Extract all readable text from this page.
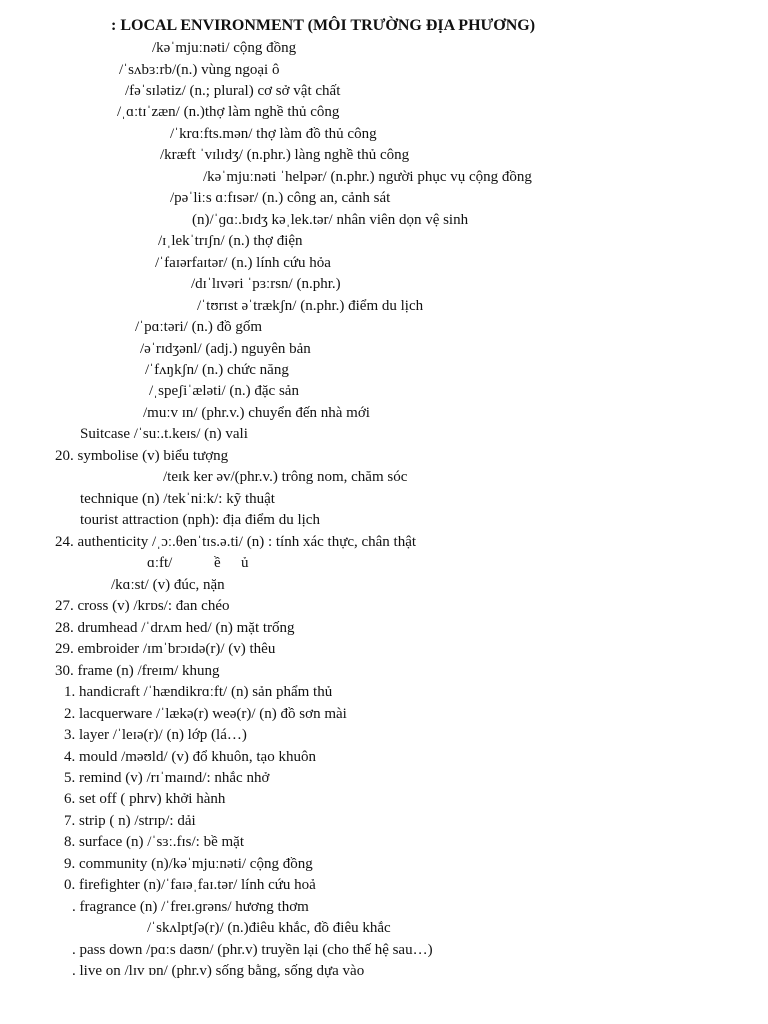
: LOCAL ENVIRONMENT (MÔI TRƯỜNG ĐỊA PHƯƠNG)
/kəˈmjuːnəti/ cộng đồng
/ˈsʌbɜːrb/(n.) vùng ngoại ô
/fəˈsɪlətiz/ (n.; plural) cơ sở vật chất
/ˌɑːtɪˈzæn/ (n.)thợ làm nghề thủ công
/ˈkrɑːfts.mən/ thợ làm đồ thủ công
/kræft ˈvɪlɪdʒ/ (n.phr.) làng nghề thủ công
/kəˈmjuːnəti ˈhelpər/ (n.phr.) người phục vụ cộng đồng
/pəˈliːs ɑːfɪsər/ (n.) công an, cảnh sát
(n)/ˈɡɑː.bɪdʒ kəˌlek.tər/ nhân viên dọn vệ sinh
/ɪˌlekˈtrɪʃn/ (n.) thợ điện
/ˈfaɪərfaɪtər/ (n.) lính cứu hỏa
/dɪˈlɪvəri ˈpɜːrsn/ (n.phr.)
/ˈtʊrɪst əˈtrækʃn/ (n.phr.) điểm du lịch
/ˈpɑːtəri/ (n.) đồ gốm
/əˈrɪdʒənl/ (adj.) nguyên bản
/ˈfʌŋkʃn/ (n.) chức năng
/ˌspeʃiˈæləti/ (n.) đặc sản
/muːv ɪn/ (phr.v.) chuyển đến nhà mới
Suitcase /ˈsuː.t.keɪs/ (n) vali
20. symbolise (v) biểu tượng
/teɪk ker əv/(phr.v.) trông nom, chăm sóc
technique (n) /tekˈniːk/: kỹ thuật
tourist attraction (nph): địa điểm du lịch
24. authenticity /ˌɔː.θenˈtɪs.ə.ti/ (n) : tính xác thực, chân thật
ɑːft/	ề ủ
/kɑːst/ (v) đúc, nặn
27. cross (v) /krɒs/: đan chéo
28. drumhead /ˈdrʌm hed/ (n) mặt trống
29. embroider /ɪmˈbrɔɪdə(r)/ (v) thêu
30. frame (n) /freɪm/ khung
1. handicraft /ˈhændikrɑːft/ (n) sản phẩm thủ
2. lacquerware /ˈlækə(r) weə(r)/ (n) đồ sơn mài
3. layer /ˈleɪə(r)/ (n) lớp (lá…)
4. mould /məʊld/ (v) đổ khuôn, tạo khuôn
5. remind (v) /rɪˈmaɪnd/: nhắc nhở
6. set off ( phrv) khởi hành
7. strip ( n) /strɪp/: dải
8. surface (n) /ˈsɜː.fɪs/: bề mặt
9. community (n)/kəˈmjuːnəti/ cộng đồng
0. firefighter (n)/ˈfaɪəˌfaɪ.tər/ lính cứu hoả
. fragrance (n) /ˈfreɪ.ɡrəns/ hương thơm
/ˈskʌlptʃə(r)/ (n.)điêu khắc, đồ điêu khắc
. pass down /pɑːs daʊn/ (phr.v) truyền lại (cho thế hệ sau…)
. live on /lɪv ɒn/ (phr.v) sống bằng, sống dựa vào
